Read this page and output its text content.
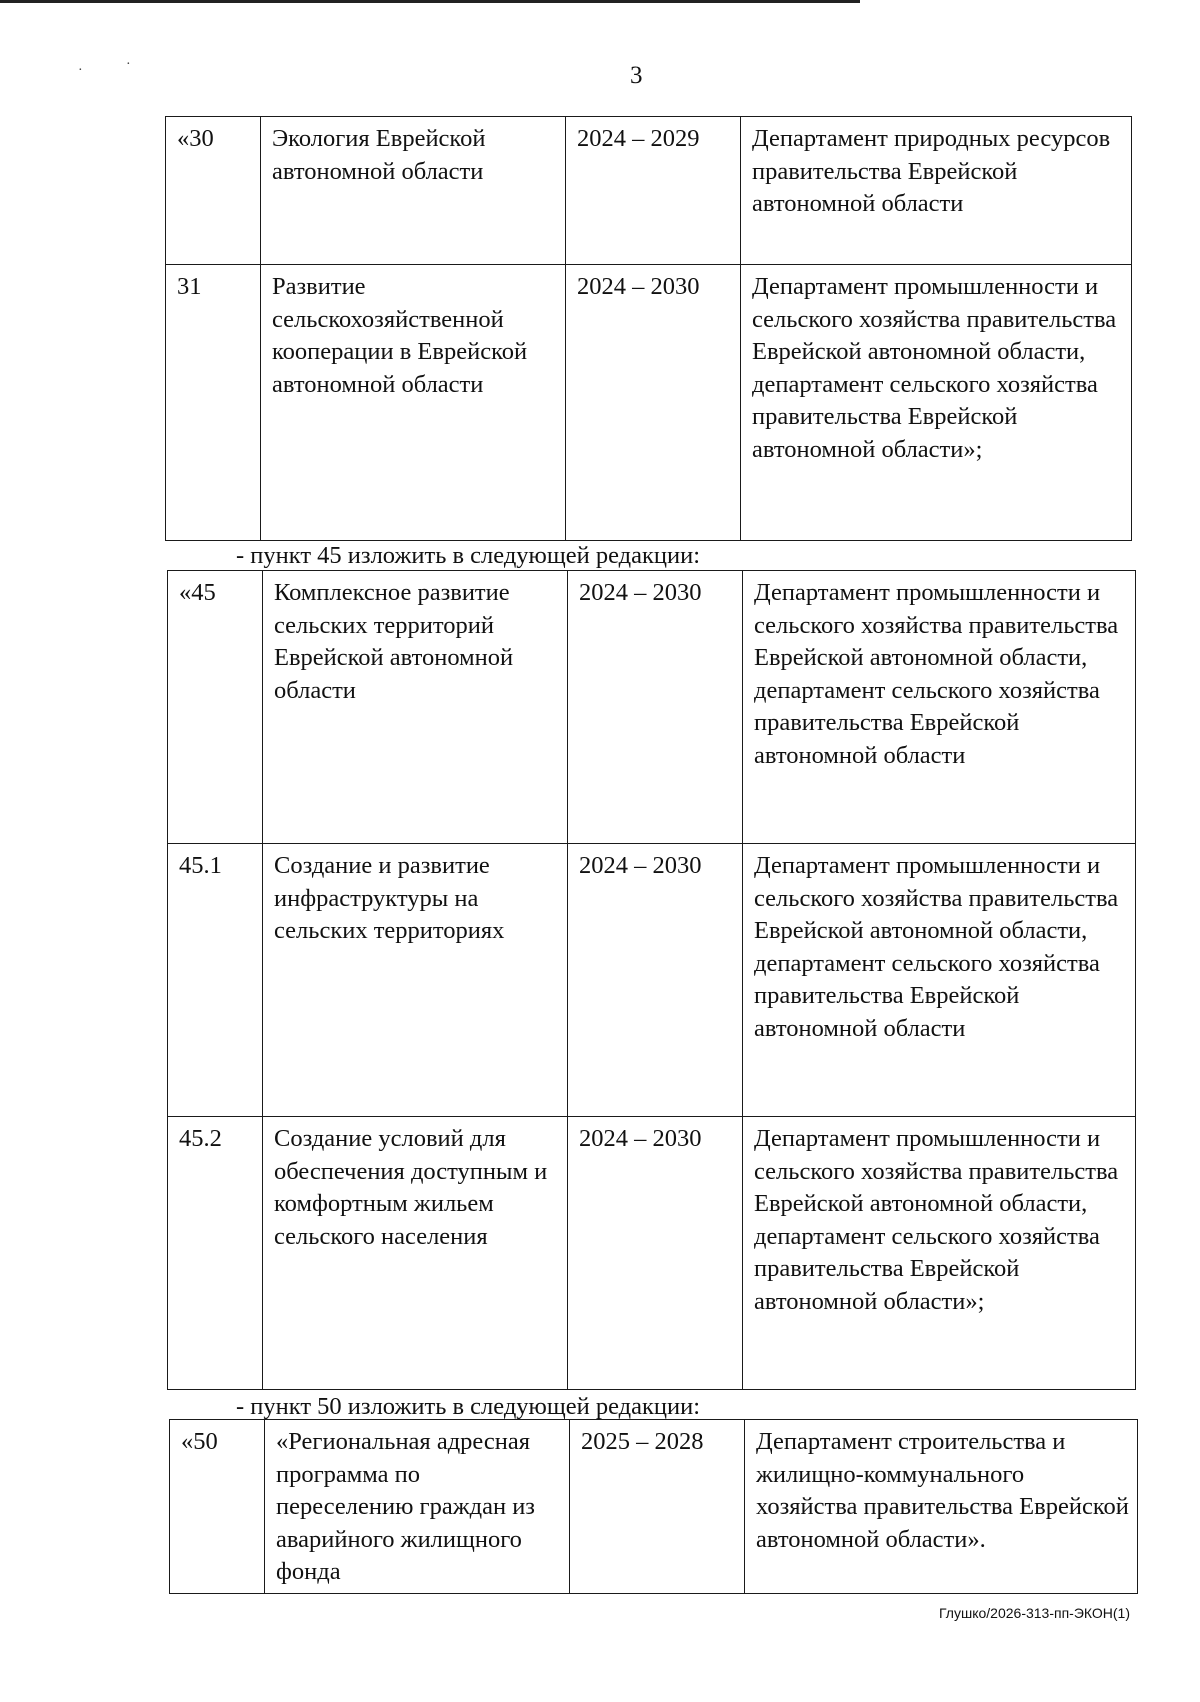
·	·	3
«30	Экология Еврейской автономной области	2024 – 2029	Департамент природных ресурсов правительства Еврейской автономной области
31	Развитие сельскохозяйственной кооперации в Еврейской автономной области	2024 – 2030	Департамент промышленности и сельского хозяйства правительства Еврейской автономной области, департамент сельского хозяйства правительства Еврейской автономной области»;
- пункт 45 изложить в следующей редакции:
«45	Комплексное развитие сельских территорий Еврейской автономной области	2024 – 2030	Департамент промышленности и сельского хозяйства правительства Еврейской автономной области, департамент сельского хозяйства правительства Еврейской автономной области
45.1	Создание и развитие инфраструктуры на сельских территориях	2024 – 2030	Департамент промышленности и сельского хозяйства правительства Еврейской автономной области, департамент сельского хозяйства правительства Еврейской автономной области
45.2	Создание условий для обеспечения доступным и комфортным жильем сельского населения	2024 – 2030	Департамент промышленности и сельского хозяйства правительства Еврейской автономной области, департамент сельского хозяйства правительства Еврейской автономной области»;
- пункт 50 изложить в следующей редакции:
«50	«Региональная адресная программа по переселению граждан из аварийного жилищного фонда	2025 – 2028	Департамент строительства и жилищно-коммунального хозяйства правительства Еврейской автономной области».
Глушко/2026-313-пп-ЭКОН(1)
